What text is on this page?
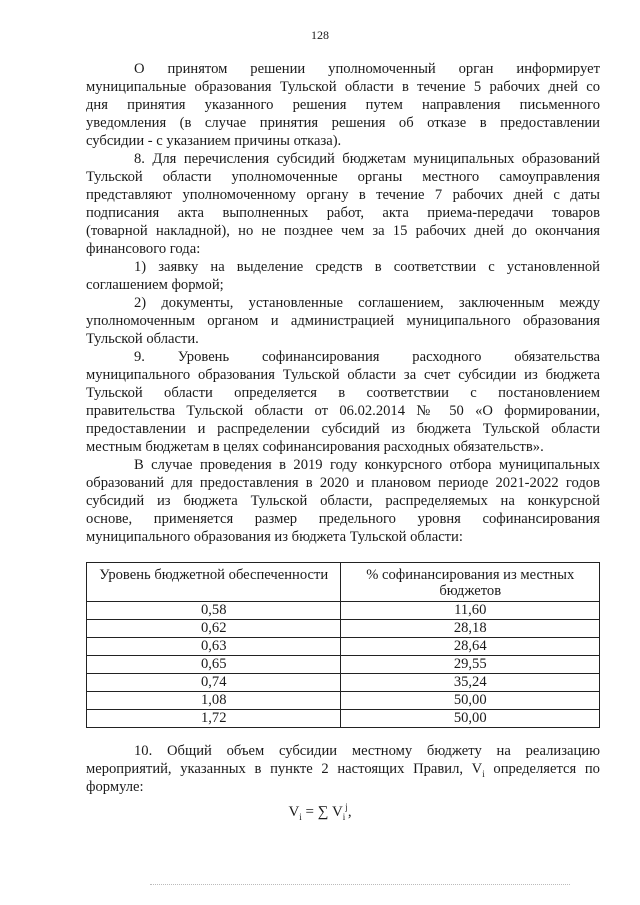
128
О принятом решении уполномоченный орган информирует
муниципальные образования Тульской области в течение 5 рабочих дней со
дня принятия указанного решения путем направления письменного
уведомления (в случае принятия решения об отказе в предоставлении
субсидии - с указанием причины отказа).
8. Для перечисления субсидий бюджетам муниципальных образований
Тульской области уполномоченные органы местного самоуправления
представляют уполномоченному органу в течение 7 рабочих дней с даты
подписания акта выполненных работ, акта приема-передачи товаров
(товарной накладной), но не позднее чем за 15 рабочих дней до окончания
финансового года:
1) заявку на выделение средств в соответствии с установленной
соглашением формой;
2) документы, установленные соглашением, заключенным между
уполномоченным органом и администрацией муниципального образования
Тульской области.
9. Уровень софинансирования расходного обязательства
муниципального образования Тульской области за счет субсидии из бюджета
Тульской области определяется в соответствии с постановлением
правительства Тульской области от 06.02.2014 № 50 «О формировании,
предоставлении и распределении субсидий из бюджета Тульской области
местным бюджетам в целях софинансирования расходных обязательств».
В случае проведения в 2019 году конкурсного отбора муниципальных
образований для предоставления в 2020 и плановом периоде 2021-2022 годов
субсидий из бюджета Тульской области, распределяемых на конкурсной
основе, применяется размер предельного уровня софинансирования
муниципального образования из бюджета Тульской области:
10. Общий объем субсидии местному бюджету на реализацию
мероприятий, указанных в пункте 2 настоящих Правил, $V_i$ определяется по
формуле:
Уровень бюджетной обеспеченности	% софинансирования из местных бюджетов
0,58	11,60
0,62	28,18
0,63	28,64
0,65	29,55
0,74	35,24
1,08	50,00
1,72	50,00
$V_i$ = ∑ $V_i^j$,
